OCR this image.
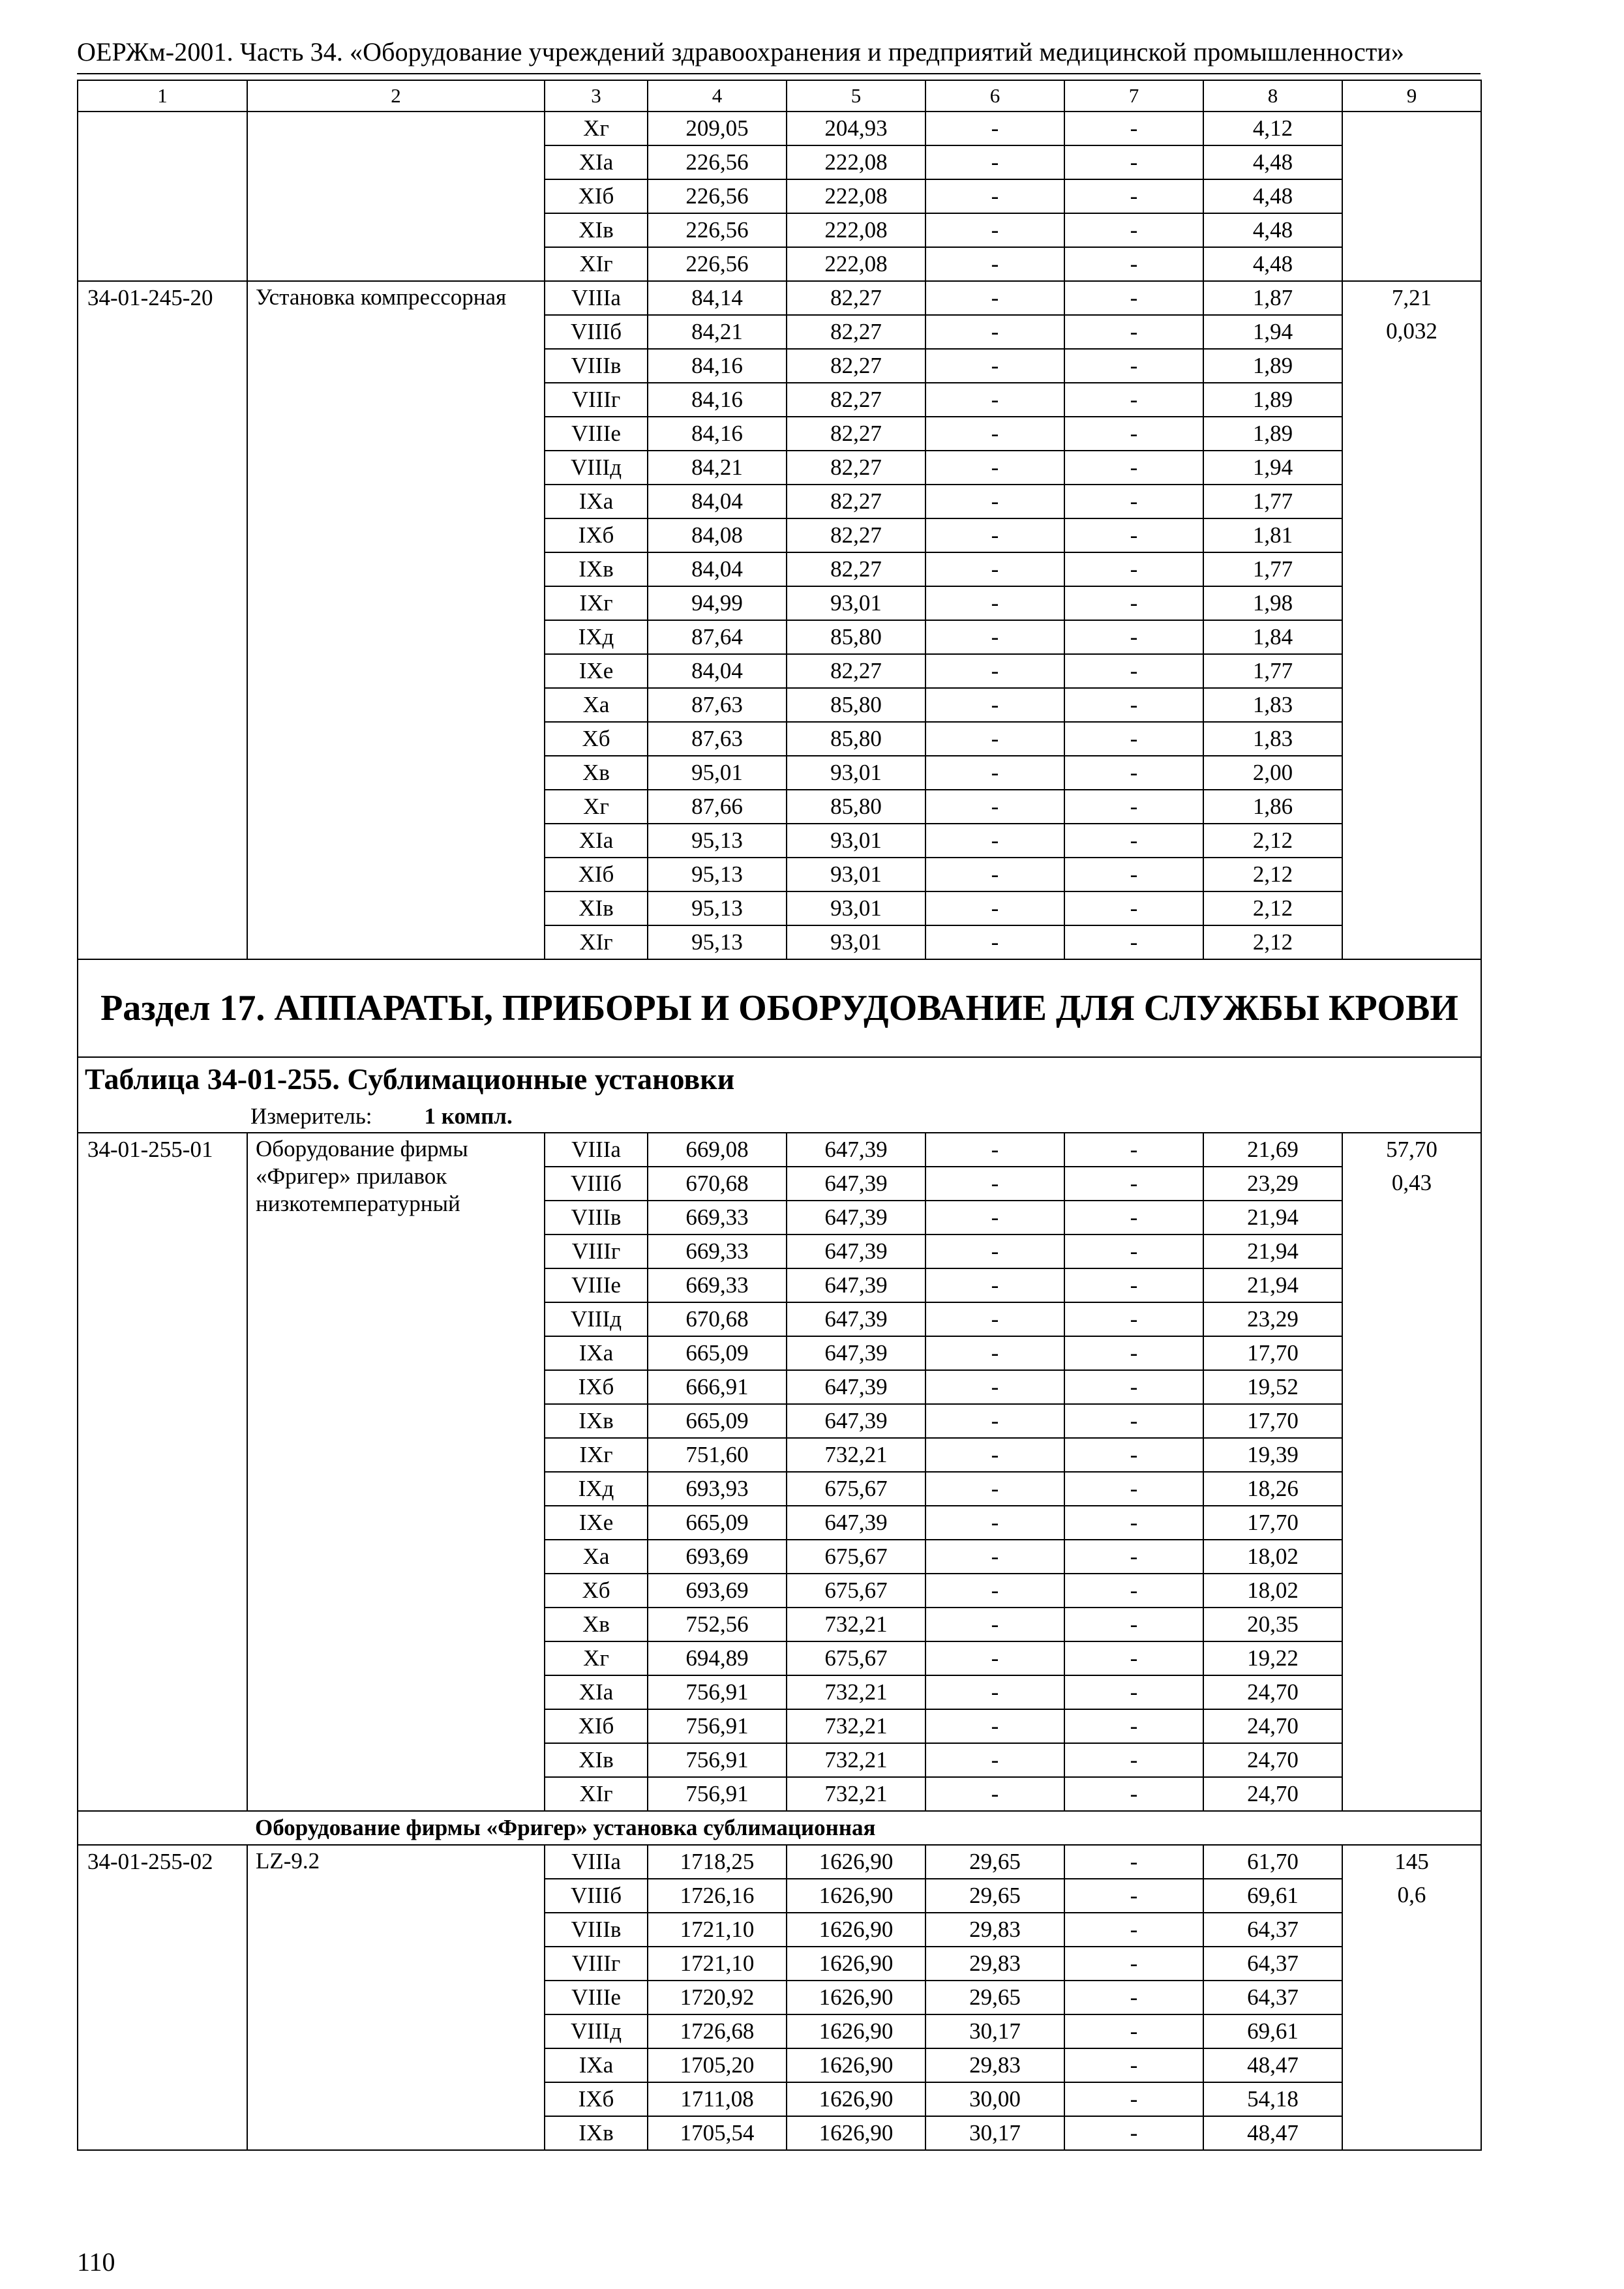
ОЕРЖм-2001. Часть 34. «Оборудование учреждений здравоохранения и предприятий медицинской промышленности»
1	2	3	4	5	6	7	8	9
		Xг	209,05	204,93	-	-	4,12	
		XIа	226,56	222,08	-	-	4,48	
		XIб	226,56	222,08	-	-	4,48	
		XIв	226,56	222,08	-	-	4,48	
		XIг	226,56	222,08	-	-	4,48	
34-01-245-20	Установка компрессорная	VIIIа	84,14	82,27	-	-	1,87	7,21
		VIIIб	84,21	82,27	-	-	1,94	0,032
		VIIIв	84,16	82,27	-	-	1,89	
		VIIIг	84,16	82,27	-	-	1,89	
		VIIIе	84,16	82,27	-	-	1,89	
		VIIIд	84,21	82,27	-	-	1,94	
		IXа	84,04	82,27	-	-	1,77	
		IXб	84,08	82,27	-	-	1,81	
		IXв	84,04	82,27	-	-	1,77	
		IXг	94,99	93,01	-	-	1,98	
		IXд	87,64	85,80	-	-	1,84	
		IXе	84,04	82,27	-	-	1,77	
		Xа	87,63	85,80	-	-	1,83	
		Xб	87,63	85,80	-	-	1,83	
		Xв	95,01	93,01	-	-	2,00	
		Xг	87,66	85,80	-	-	1,86	
		XIа	95,13	93,01	-	-	2,12	
		XIб	95,13	93,01	-	-	2,12	
		XIв	95,13	93,01	-	-	2,12	
		XIг	95,13	93,01	-	-	2,12	
Раздел 17. АППАРАТЫ, ПРИБОРЫ И ОБОРУДОВАНИЕ ДЛЯ СЛУЖБЫ КРОВИ								
Таблица 34-01-255. Сублимационные установки								
Измеритель: 1 компл.								
34-01-255-01	Оборудование фирмы «Фригер» прилавок низкотемпературный	VIIIа	669,08	647,39	-	-	21,69	57,70
		VIIIб	670,68	647,39	-	-	23,29	0,43
		VIIIв	669,33	647,39	-	-	21,94	
		VIIIг	669,33	647,39	-	-	21,94	
		VIIIе	669,33	647,39	-	-	21,94	
		VIIIд	670,68	647,39	-	-	23,29	
		IXа	665,09	647,39	-	-	17,70	
		IXб	666,91	647,39	-	-	19,52	
		IXв	665,09	647,39	-	-	17,70	
		IXг	751,60	732,21	-	-	19,39	
		IXд	693,93	675,67	-	-	18,26	
		IXе	665,09	647,39	-	-	17,70	
		Xа	693,69	675,67	-	-	18,02	
		Xб	693,69	675,67	-	-	18,02	
		Xв	752,56	732,21	-	-	20,35	
		Xг	694,89	675,67	-	-	19,22	
		XIа	756,91	732,21	-	-	24,70	
		XIб	756,91	732,21	-	-	24,70	
		XIв	756,91	732,21	-	-	24,70	
		XIг	756,91	732,21	-	-	24,70	
	Оборудование фирмы «Фригер» установка сублимационная							
34-01-255-02	LZ-9.2	VIIIа	1718,25	1626,90	29,65	-	61,70	145
		VIIIб	1726,16	1626,90	29,65	-	69,61	0,6
		VIIIв	1721,10	1626,90	29,83	-	64,37	
		VIIIг	1721,10	1626,90	29,83	-	64,37	
		VIIIе	1720,92	1626,90	29,65	-	64,37	
		VIIIд	1726,68	1626,90	30,17	-	69,61	
		IXа	1705,20	1626,90	29,83	-	48,47	
		IXб	1711,08	1626,90	30,00	-	54,18	
		IXв	1705,54	1626,90	30,17	-	48,47	
110
